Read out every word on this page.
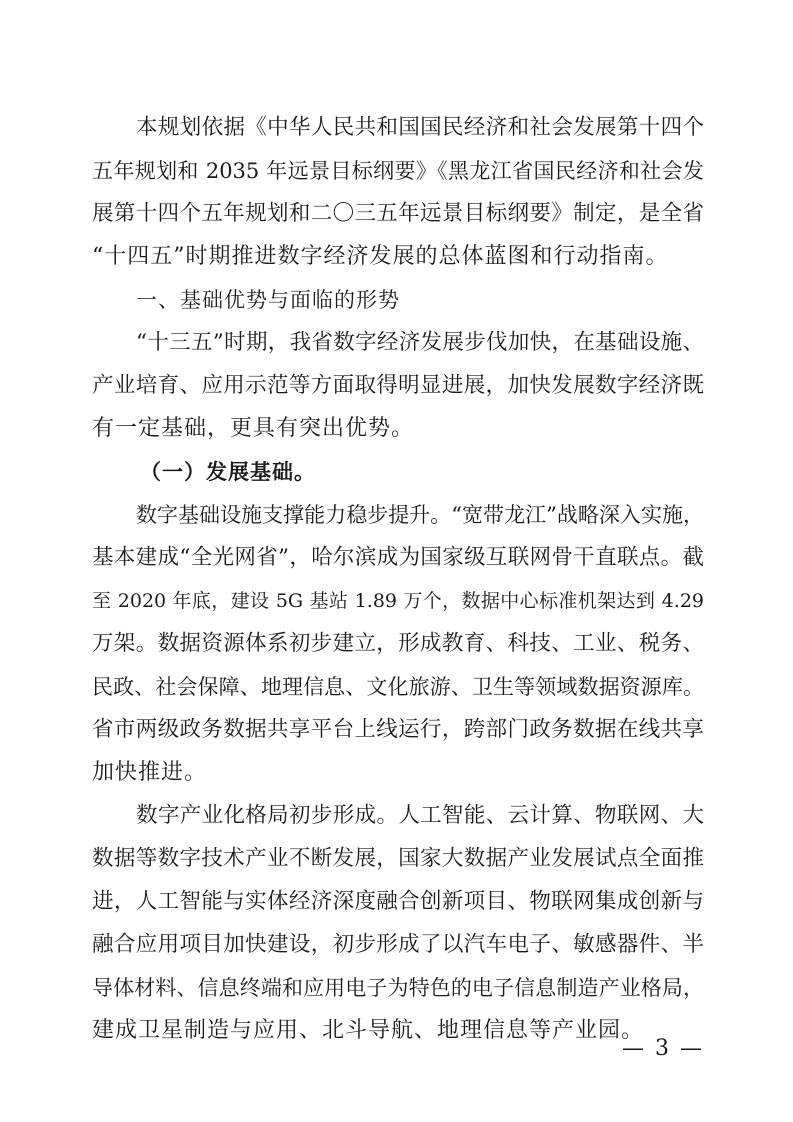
本规划依据《中华人民共和国国民经济和社会发展第十四个
五年规划和 2035 年远景目标纲要》《黑龙江省国民经济和社会发
展第十四个五年规划和二〇三五年远景目标纲要》制定，是全省
“十四五”时期推进数字经济发展的总体蓝图和行动指南。
一、基础优势与面临的形势
“十三五”时期，我省数字经济发展步伐加快，在基础设施、
产业培育、应用示范等方面取得明显进展，加快发展数字经济既
有一定基础，更具有突出优势。
（一）发展基础。
数字基础设施支撑能力稳步提升。“宽带龙江”战略深入实施，
基本建成“全光网省”，哈尔滨成为国家级互联网骨干直联点。截
至 2020 年底，建设 5G 基站 1.89 万个，数据中心标准机架达到 4.29
万架。数据资源体系初步建立，形成教育、科技、工业、税务、
民政、社会保障、地理信息、文化旅游、卫生等领域数据资源库。
省市两级政务数据共享平台上线运行，跨部门政务数据在线共享
加快推进。
数字产业化格局初步形成。人工智能、云计算、物联网、大
数据等数字技术产业不断发展，国家大数据产业发展试点全面推
进，人工智能与实体经济深度融合创新项目、物联网集成创新与
融合应用项目加快建设，初步形成了以汽车电子、敏感器件、半
导体材料、信息终端和应用电子为特色的电子信息制造产业格局，
建成卫星制造与应用、北斗导航、地理信息等产业园。
— 3 —
